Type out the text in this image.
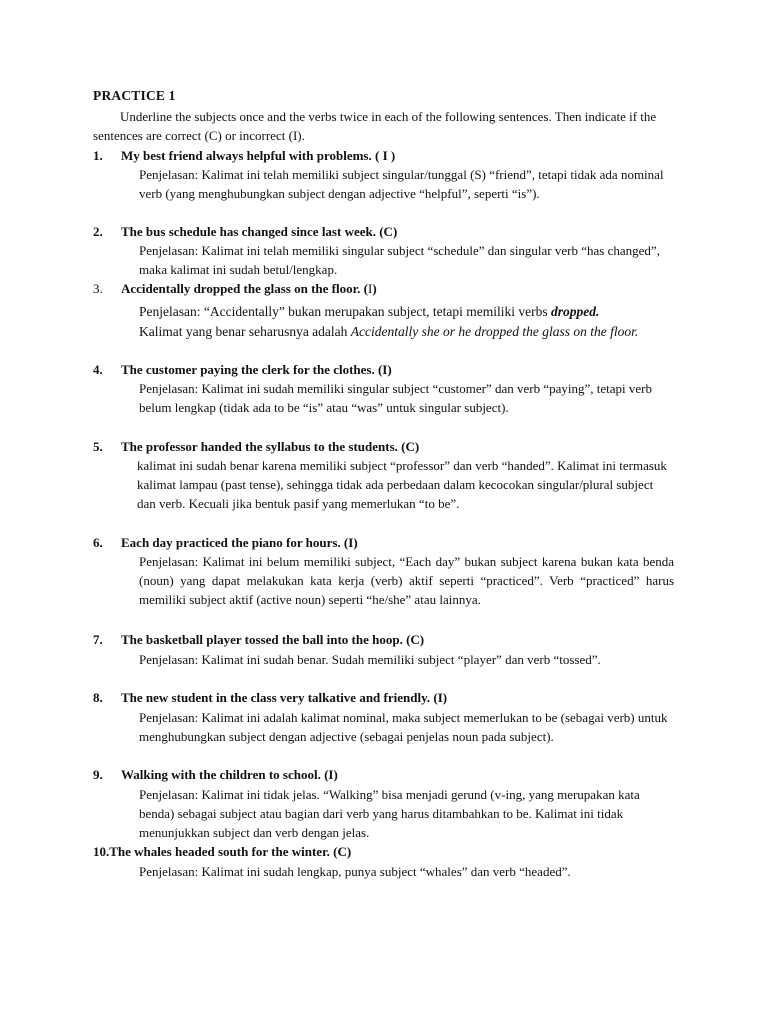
PRACTICE 1
Underline the subjects once and the verbs twice in each of the following sentences. Then indicate if the sentences are correct (C) or incorrect (I).
1. My best friend always helpful with problems. ( I )
Penjelasan: Kalimat ini telah memiliki subject singular/tunggal (S) “friend”, tetapi tidak ada nominal verb (yang menghubungkan subject dengan adjective “helpful”, seperti “is”).
2. The bus schedule has changed since last week. (C)
Penjelasan: Kalimat ini telah memiliki singular subject “schedule” dan singular verb “has changed”, maka kalimat ini sudah betul/lengkap.
3. Accidentally dropped the glass on the floor. (I)
Penjelasan: “Accidentally” bukan merupakan subject, tetapi memiliki verbs dropped.
Kalimat yang benar seharusnya adalah Accidentally she or he dropped the glass on the floor.
4. The customer paying the clerk for the clothes. (I)
Penjelasan: Kalimat ini sudah memiliki singular subject “customer” dan verb “paying”, tetapi verb belum lengkap (tidak ada to be “is” atau “was” untuk singular subject).
5. The professor handed the syllabus to the students. (C)
kalimat ini sudah benar karena memiliki subject “professor” dan verb “handed”. Kalimat ini termasuk kalimat lampau (past tense), sehingga tidak ada perbedaan dalam kecocokan singular/plural subject dan verb. Kecuali jika bentuk pasif yang memerlukan “to be”.
6. Each day practiced the piano for hours. (I)
Penjelasan: Kalimat ini belum memiliki subject, “Each day” bukan subject karena bukan kata benda (noun) yang dapat melakukan kata kerja (verb) aktif seperti “practiced”. Verb “practiced” harus memiliki subject aktif (active noun) seperti “he/she” atau lainnya.
7. The basketball player tossed the ball into the hoop. (C)
Penjelasan: Kalimat ini sudah benar. Sudah memiliki subject “player” dan verb “tossed”.
8. The new student in the class very talkative and friendly. (I)
Penjelasan: Kalimat ini adalah kalimat nominal, maka subject memerlukan to be (sebagai verb) untuk menghubungkan subject dengan adjective (sebagai penjelas noun pada subject).
9. Walking with the children to school. (I)
Penjelasan: Kalimat ini tidak jelas. “Walking” bisa menjadi gerund (v-ing, yang merupakan kata benda) sebagai subject atau bagian dari verb yang harus ditambahkan to be. Kalimat ini tidak menunjukkan subject dan verb dengan jelas.
10.The whales headed south for the winter. (C)
Penjelasan: Kalimat ini sudah lengkap, punya subject “whales” dan verb “headed”.
